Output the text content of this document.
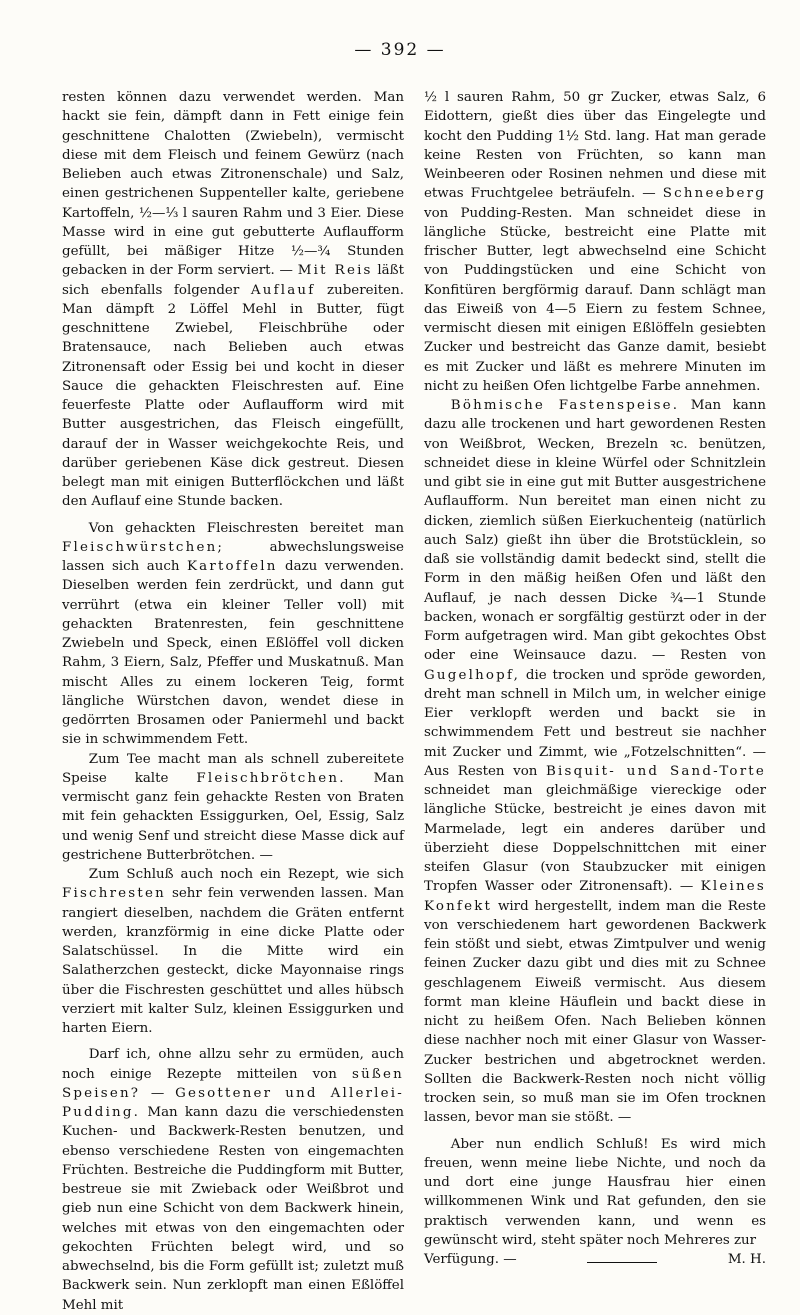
— 392 —

resten können dazu verwendet werden. Man hackt sie fein, dämpft dann in Fett einige fein geschnittene Chalotten (Zwiebeln), vermischt diese mit dem Fleisch und feinem Gewürz (nach Belieben auch etwas Zitronenschale) und Salz, einen gestrichenen Suppenteller kalte, geriebene Kartoffeln, ½—⅓ l sauren Rahm und 3 Eier. Diese Masse wird in eine gut gebutterte Auflaufform gefüllt, bei mäßiger Hitze ½—¾ Stunden gebacken in der Form serviert. — Mit Reis läßt sich ebenfalls folgender Auflauf zubereiten. Man dämpft 2 Löffel Mehl in Butter, fügt geschnittene Zwiebel, Fleischbrühe oder Bratensauce, nach Belieben auch etwas Zitronensaft oder Essig bei und kocht in dieser Sauce die gehackten Fleischresten auf. Eine feuerfeste Platte oder Auflaufform wird mit Butter ausgestrichen, das Fleisch eingefüllt, darauf der in Wasser weichgekochte Reis, und darüber geriebenen Käse dick gestreut. Diesen belegt man mit einigen Butterflöckchen und läßt den Auflauf eine Stunde backen.

Von gehackten Fleischresten bereitet man Fleischwürstchen;	abwechslungsweise lassen sich auch Kartoffeln dazu verwenden. Dieselben werden fein zerdrückt, und dann gut verrührt (etwa ein kleiner Teller voll) mit gehackten Bratenresten, fein geschnittene Zwiebeln und Speck, einen Eßlöffel voll dicken Rahm, 3 Eiern, Salz, Pfeffer und Muskatnuß. Man mischt Alles zu einem lockeren Teig, formt längliche Würstchen davon, wendet diese in gedörrten Brosamen oder Paniermehl und backt sie in schwimmendem Fett.

Zum Tee macht man als schnell zubereitete Speise kalte Fleischbrötchen. Man vermischt ganz fein gehackte Resten von Braten mit fein gehackten Essiggurken, Oel, Essig, Salz und wenig Senf und streicht diese Masse dick auf gestrichene Butterbrötchen. —

Zum Schluß auch noch ein Rezept, wie sich Fischresten sehr fein verwenden lassen. Man rangiert dieselben, nachdem die Gräten entfernt werden, kranzförmig in eine dicke Platte oder Salatschüssel. In die Mitte wird ein Salatherzchen gesteckt, dicke Mayonnaise rings über die Fischresten geschüttet und alles hübsch verziert mit kalter Sulz, kleinen Essiggurken und harten Eiern.

Darf ich, ohne allzu sehr zu ermüden, auch noch einige Rezepte mitteilen von süßen Speisen? — Gesottener und Allerlei-Pudding. Man kann dazu die verschiedensten Kuchen- und Backwerk-Resten benutzen, und ebenso verschiedene Resten von eingemachten Früchten. Bestreiche die Puddingform mit Butter, bestreue sie mit Zwieback oder Weißbrot und gieb nun eine Schicht von dem Backwerk hinein, welches mit etwas von den eingemachten oder gekochten Früchten belegt wird, und so abwechselnd, bis die Form gefüllt ist; zuletzt muß Backwerk sein. Nun zerklopft man einen Eßlöffel Mehl mit

½ l sauren Rahm, 50 gr Zucker, etwas Salz, 6 Eidottern, gießt dies über das Eingelegte und kocht den Pudding 1½ Std. lang. Hat man gerade keine Resten von Früchten, so kann man Weinbeeren oder Rosinen nehmen und diese mit etwas Fruchtgelee beträufeln. — Schneeberg von Pudding-Resten. Man schneidet diese in längliche Stücke, bestreicht eine Platte mit frischer Butter, legt abwechselnd eine Schicht von Puddingstücken und eine Schicht von Konfitüren bergförmig darauf. Dann schlägt man das Eiweiß von 4—5 Eiern zu festem Schnee, vermischt diesen mit einigen Eßlöffeln gesiebten Zucker und bestreicht das Ganze damit, besiebt es mit Zucker und läßt es mehrere Minuten im nicht zu heißen Ofen lichtgelbe Farbe annehmen.

Böhmische Fastenspeise. Man kann dazu alle trockenen und hart gewordenen Resten von Weißbrot, Wecken, Brezeln ꝛc. benützen, schneidet diese in kleine Würfel oder Schnitzlein und gibt sie in eine gut mit Butter ausgestrichene Auflaufform. Nun bereitet man einen nicht zu dicken, ziemlich süßen Eierkuchenteig (natürlich auch Salz) gießt ihn über die Brotstücklein, so daß sie vollständig damit bedeckt sind, stellt die Form in den mäßig heißen Ofen und läßt den Auflauf, je nach dessen Dicke ¾—1 Stunde backen, wonach er sorgfältig gestürzt oder in der Form aufgetragen wird. Man gibt gekochtes Obst oder eine Weinsauce dazu. — Resten von Gugelhopf, die trocken und spröde geworden, dreht man schnell in Milch um, in welcher einige Eier verklopft werden und backt sie in schwimmendem Fett und bestreut sie nachher mit Zucker und Zimmt, wie „Fotzelschnitten“. — Aus Resten von Bisquit- und Sand-Torte schneidet man gleichmäßige viereckige oder längliche Stücke, bestreicht je eines davon mit Marmelade, legt ein anderes darüber und überzieht diese Doppelschnittchen mit einer steifen Glasur (von Staubzucker mit einigen Tropfen Wasser oder Zitronensaft). — Kleines Konfekt wird hergestellt, indem man die Reste von verschiedenem hart gewordenen Backwerk fein stößt und siebt, etwas Zimtpulver und wenig feinen Zucker dazu gibt und dies mit zu Schnee geschlagenem Eiweiß vermischt. Aus diesem formt man kleine Häuflein und backt diese in nicht zu heißem Ofen. Nach Belieben können diese nachher noch mit einer Glasur von Wasser-Zucker bestrichen und abgetrocknet werden. Sollten die Backwerk-Resten noch nicht völlig trocken sein, so muß man sie im Ofen trocknen lassen, bevor man sie stößt. —

Aber nun endlich Schluß! Es wird mich freuen, wenn meine liebe Nichte, und noch da und dort eine junge Hausfrau hier einen willkommenen Wink und Rat gefunden, den sie praktisch verwenden kann, und wenn es gewünscht wird, steht später noch Mehreres zur

Verfügung. —	M. H.
